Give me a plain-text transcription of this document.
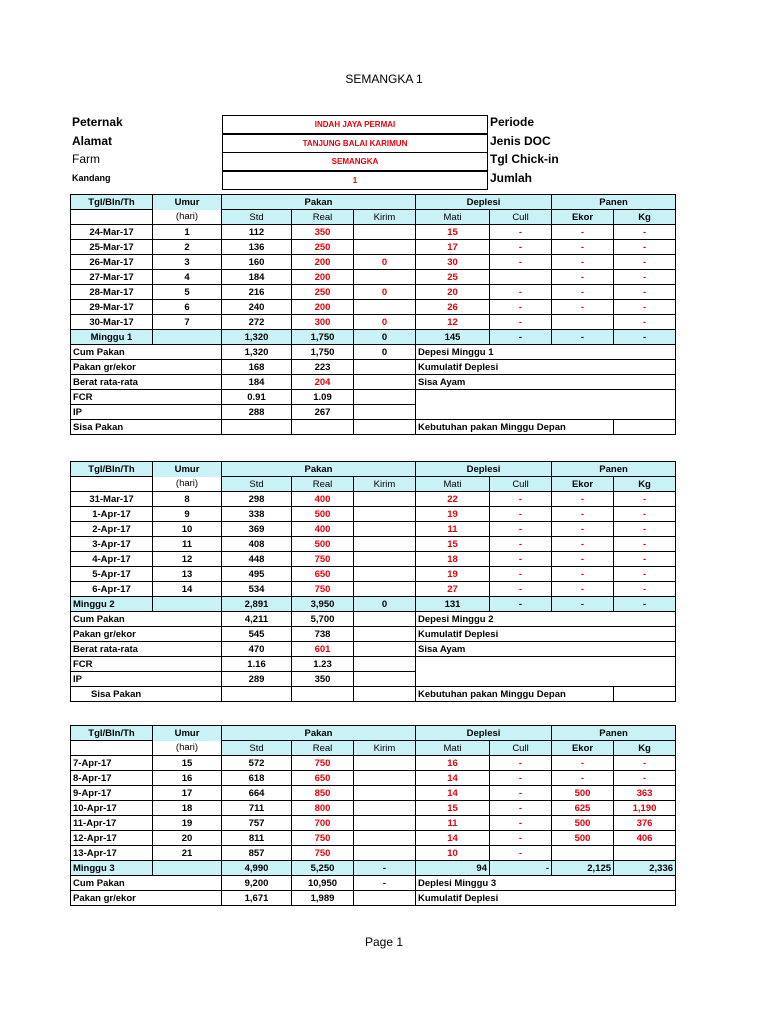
SEMANGKA 1
Peternak	INDAH JAYA PERMAI	Periode
Alamat	TANJUNG BALAI KARIMUN	Jenis DOC
Farm	SEMANGKA	Tgl Chick-in
Kandang	1	Jumlah
Tgl/Bln/Th	Umur	Pakan			Deplesi		Panen	
	(hari)	Std	Real	Kirim	Mati	Cull	Ekor	Kg
24-Mar-17	1	112	350		15	-	-	-
25-Mar-17	2	136	250		17	-	-	-
26-Mar-17	3	160	200	0	30	-	-	-
27-Mar-17	4	184	200		25		-	-
28-Mar-17	5	216	250	0	20	-	-	-
29-Mar-17	6	240	200		26	-	-	-
30-Mar-17	7	272	300	0	12	-		-
Minggu 1		1,320	1,750	0	145	-	-	-
Cum Pakan		1,320	1,750	0	Depesi Minggu 1			
Pakan gr/ekor		168	223		Kumulatif Deplesi			
Berat rata-rata		184	204		Sisa Ayam			
FCR		0.91	1.09					
IP		288	267					
Sisa Pakan					Kebutuhan pakan Minggu Depan			
Tgl/Bln/Th	Umur	Pakan			Deplesi		Panen	
	(hari)	Std	Real	Kirim	Mati	Cull	Ekor	Kg
31-Mar-17	8	298	400		22	-	-	-
1-Apr-17	9	338	500		19	-	-	-
2-Apr-17	10	369	400		11	-	-	-
3-Apr-17	11	408	500		15	-	-	-
4-Apr-17	12	448	750		18	-	-	-
5-Apr-17	13	495	650		19	-	-	-
6-Apr-17	14	534	750		27	-	-	-
Minggu 2		2,891	3,950	0	131	-	-	-
Cum Pakan		4,211	5,700		Depesi Minggu 2			
Pakan gr/ekor		545	738		Kumulatif Deplesi			
Berat rata-rata		470	601		Sisa Ayam			
FCR		1.16	1.23					
IP		289	350					
Sisa Pakan					Kebutuhan pakan Minggu Depan			
Tgl/Bln/Th	Umur	Pakan			Deplesi		Panen	
	(hari)	Std	Real	Kirim	Mati	Cull	Ekor	Kg
7-Apr-17	15	572	750		16	-	-	-
8-Apr-17	16	618	650		14	-	-	-
9-Apr-17	17	664	850		14	-	500	363
10-Apr-17	18	711	800		15	-	625	1,190
11-Apr-17	19	757	700		11	-	500	376
12-Apr-17	20	811	750		14	-	500	406
13-Apr-17	21	857	750		10	-		
Minggu 3		4,990	5,250	-	94	-	2,125	2,336
Cum Pakan		9,200	10,950	-	Deplesi Minggu 3			
Pakan gr/ekor		1,671	1,989		Kumulatif Deplesi			
Page 1
